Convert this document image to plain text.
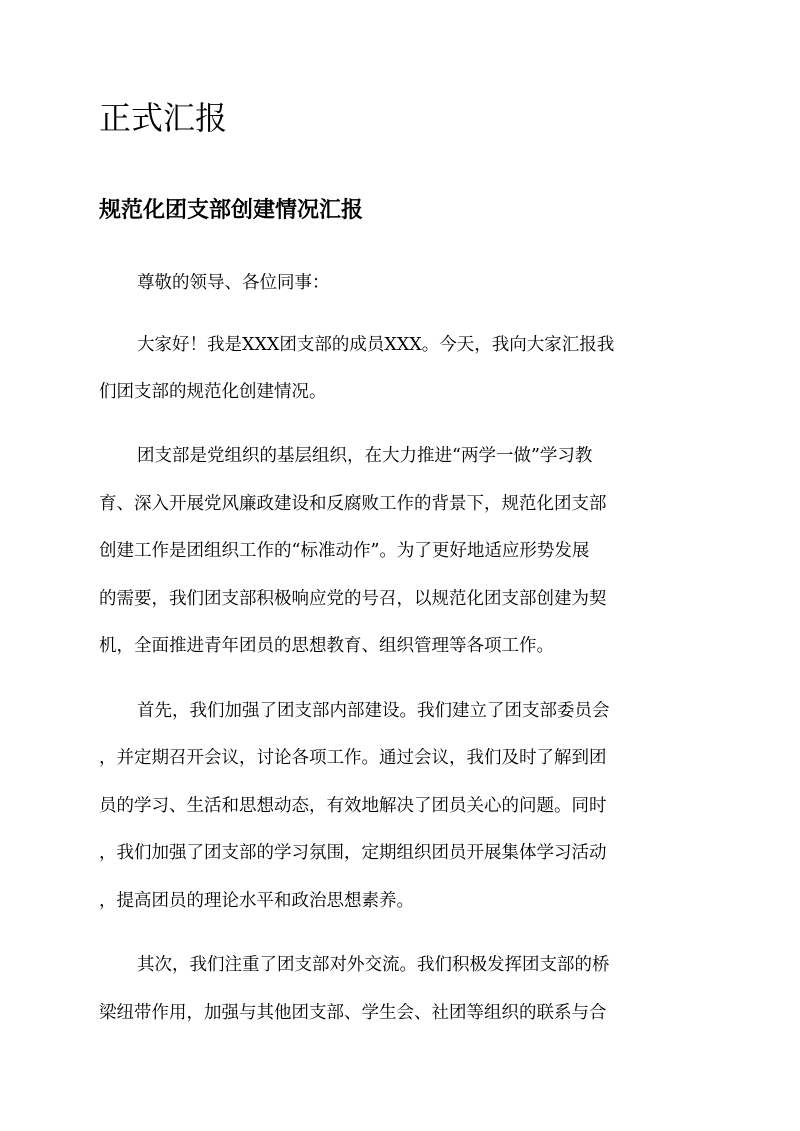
正式汇报
规范化团支部创建情况汇报

尊敬的领导、各位同事：

大家好！我是XXX团支部的成员XXX。今天，我向大家汇报我

们团支部的规范化创建情况。

团支部是党组织的基层组织，在大力推进“两学一做”学习教

育、深入开展党风廉政建设和反腐败工作的背景下，规范化团支部

创建工作是团组织工作的“标准动作”。为了更好地适应形势发展

的需要，我们团支部积极响应党的号召，以规范化团支部创建为契

机，全面推进青年团员的思想教育、组织管理等各项工作。

首先，我们加强了团支部内部建设。我们建立了团支部委员会

，并定期召开会议，讨论各项工作。通过会议，我们及时了解到团

员的学习、生活和思想动态，有效地解决了团员关心的问题。同时

，我们加强了团支部的学习氛围，定期组织团员开展集体学习活动

，提高团员的理论水平和政治思想素养。

其次，我们注重了团支部对外交流。我们积极发挥团支部的桥

梁纽带作用，加强与其他团支部、学生会、社团等组织的联系与合
